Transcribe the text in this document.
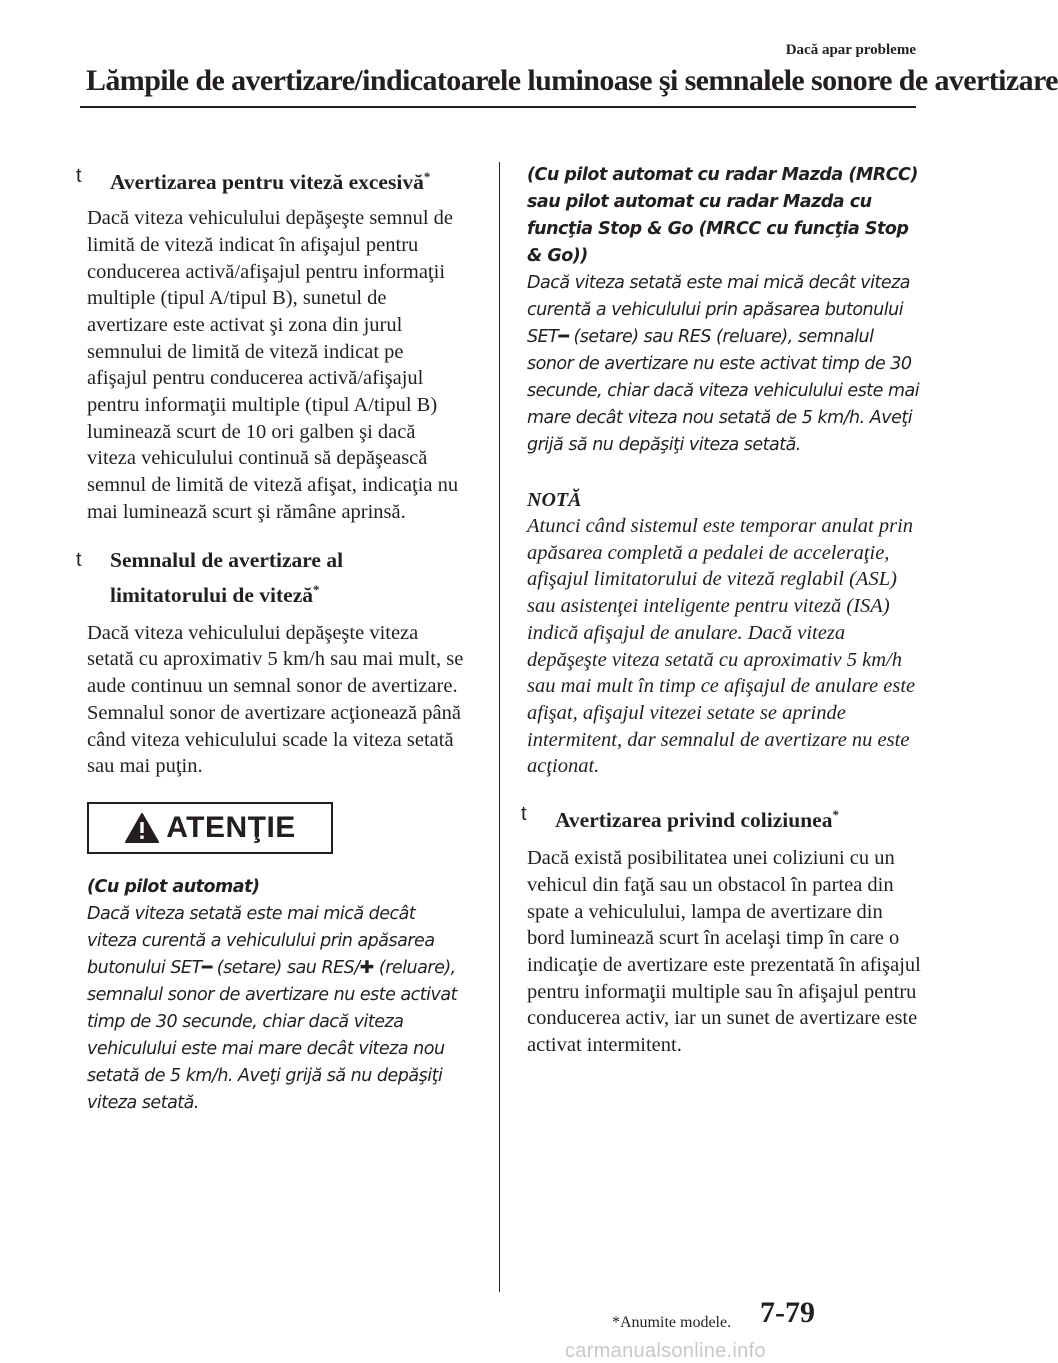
Dacă apar probleme
Lămpile de avertizare/indicatoarele luminoase şi semnalele sonore de avertizare
t Avertizarea pentru viteză excesivă*

Dacă viteza vehiculului depăşeşte semnul de limită de viteză indicat în afişajul pentru conducerea activă/afişajul pentru informaţii multiple (tipul A/tipul B), sunetul de avertizare este activat şi zona din jurul semnului de limită de viteză indicat pe afişajul pentru conducerea activă/afişajul pentru informaţii multiple (tipul A/tipul B) luminează scurt de 10 ori galben şi dacă viteza vehiculului continuă să depăşească semnul de limită de viteză afişat, indicaţia nu mai luminează scurt şi rămâne aprinsă.

t Semnalul de avertizare al
limitatorului de viteză*

Dacă viteza vehiculului depăşeşte viteza setată cu aproximativ 5 km/h sau mai mult, se aude continuu un semnal sonor de avertizare. Semnalul sonor de avertizare acţionează până când viteza vehiculului scade la viteza setată sau mai puţin.

ATENŢIE

(Cu pilot automat)

Dacă viteza setată este mai mică decât viteza curentă a vehiculului prin apăsarea butonului SET━ (setare) sau RES/✚ (reluare), semnalul sonor de avertizare nu este activat timp de 30 secunde, chiar dacă viteza vehiculului este mai mare decât viteza nou setată de 5 km/h. Aveţi grijă să nu depăşiţi viteza setată.

(Cu pilot automat cu radar Mazda (MRCC) sau pilot automat cu radar Mazda cu funcţia Stop & Go (MRCC cu funcţia Stop & Go))

Dacă viteza setată este mai mică decât viteza curentă a vehiculului prin apăsarea butonului SET━ (setare) sau RES (reluare), semnalul sonor de avertizare nu este activat timp de 30 secunde, chiar dacă viteza vehiculului este mai mare decât viteza nou setată de 5 km/h. Aveţi grijă să nu depăşiţi viteza setată.

NOTĂ

Atunci când sistemul este temporar anulat prin apăsarea completă a pedalei de acceleraţie, afişajul limitatorului de viteză reglabil (ASL) sau asistenţei inteligente pentru viteză (ISA) indică afişajul de anulare. Dacă viteza depăşeşte viteza setată cu aproximativ 5 km/h sau mai mult în timp ce afişajul de anulare este afişat, afişajul vitezei setate se aprinde intermitent, dar semnalul de avertizare nu este acţionat.

t Avertizarea privind coliziunea*

Dacă există posibilitatea unei coliziuni cu un vehicul din faţă sau un obstacol în partea din spate a vehiculului, lampa de avertizare din bord luminează scurt în acelaşi timp în care o indicaţie de avertizare este prezentată în afişajul pentru informaţii multiple sau în afişajul pentru conducerea activ, iar un sunet de avertizare este activat intermitent.

*Anumite modele. 7-79
carmanualsonline.info
